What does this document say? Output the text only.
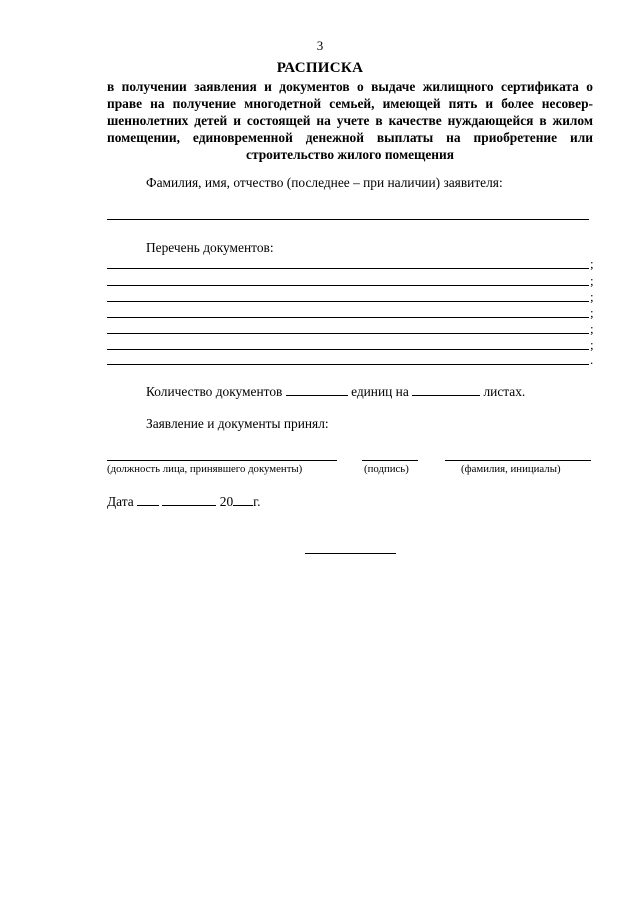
3
РАСПИСКА
в получении заявления и документов о выдаче жилищного сертификата о
праве на получение многодетной семьей, имеющей пять и более несовер-
шеннолетних детей и состоящей на учете в качестве нуждающейся в жилом
помещении, единовременной денежной выплаты на приобретение или
строительство жилого помещения
Фамилия, имя, отчество (последнее – при наличии) заявителя:
Перечень документов:
;
;
;
;
;
;
.
Количество документов	единиц на	листах.
Заявление и документы принял:
(должность лица, принявшего документы)	(подпись)	(фамилия, инициалы)
Дата	20 г.
